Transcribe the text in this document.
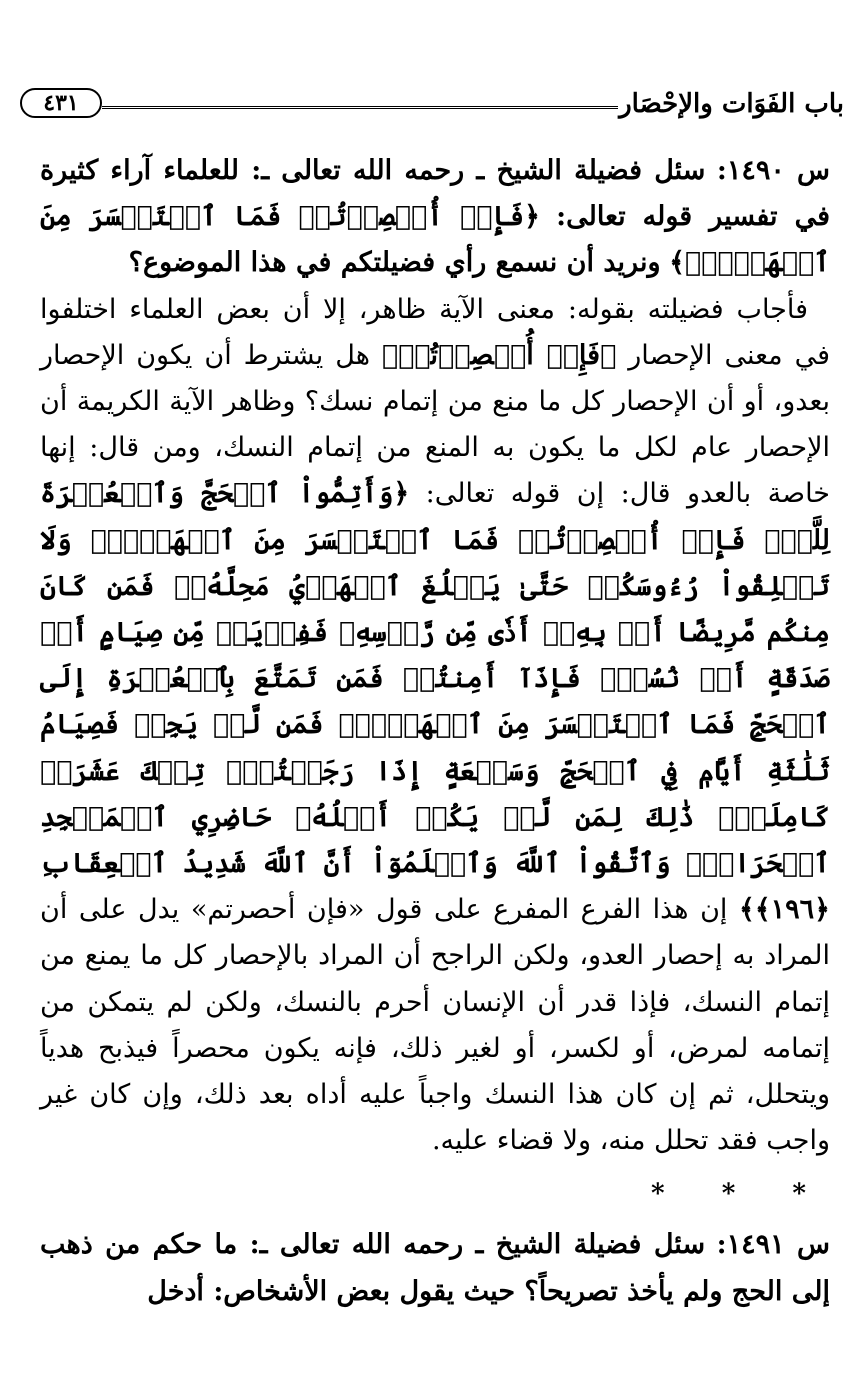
باب الفَوَات والإحْصَار
٤٣١

س ١٤٩٠: سئل فضيلة الشيخ ـ رحمه الله تعالى ـ: للعلماء آراء كثيرة في تفسير قوله تعالى: ﴿فَإِنۡ أُحۡصِرۡتُمۡ فَمَا ٱسۡتَيۡسَرَ مِنَ ٱلۡهَدۡيِۖ﴾ ونريد أن نسمع رأي فضيلتكم في هذا الموضوع؟

فأجاب فضيلته بقوله: معنى الآية ظاهر، إلا أن بعض العلماء اختلفوا في معنى الإحصار ﴿فَإِنۡ أُحۡصِرۡتُمۡ﴾ هل يشترط أن يكون الإحصار بعدو، أو أن الإحصار كل ما منع من إتمام نسك؟ وظاهر الآية الكريمة أن الإحصار عام لكل ما يكون به المنع من إتمام النسك، ومن قال: إنها خاصة بالعدو قال: إن قوله تعالى: ﴿وَأَتِمُّواْ ٱلۡحَجَّ وَٱلۡعُمۡرَةَ لِلَّهِۚ فَإِنۡ أُحۡصِرۡتُمۡ فَمَا ٱسۡتَيۡسَرَ مِنَ ٱلۡهَدۡيِۖ وَلَا تَحۡلِقُواْ رُءُوسَكُمۡ حَتَّىٰ يَبۡلُغَ ٱلۡهَدۡيُ مَحِلَّهُۥۚ فَمَن كَانَ مِنكُم مَّرِيضًا أَوۡ بِهِۦٓ أَذٗى مِّن رَّأۡسِهِۦ فَفِدۡيَةٞ مِّن صِيَامٍ أَوۡ صَدَقَةٍ أَوۡ نُسُكٖۚ فَإِذَآ أَمِنتُمۡ فَمَن تَمَتَّعَ بِٱلۡعُمۡرَةِ إِلَى ٱلۡحَجِّ فَمَا ٱسۡتَيۡسَرَ مِنَ ٱلۡهَدۡيِۚ فَمَن لَّمۡ يَجِدۡ فَصِيَامُ ثَلَٰثَةِ أَيَّامٖ فِي ٱلۡحَجِّ وَسَبۡعَةٍ إِذَا رَجَعۡتُمۡۗ تِلۡكَ عَشَرَةٞ كَامِلَةٞۗ ذَٰلِكَ لِمَن لَّمۡ يَكُنۡ أَهۡلُهُۥ حَاضِرِي ٱلۡمَسۡجِدِ ٱلۡحَرَامِۚ وَٱتَّقُواْ ٱللَّهَ وَٱعۡلَمُوٓاْ أَنَّ ٱللَّهَ شَدِيدُ ٱلۡعِقَابِ ﴿١٩٦﴾﴾ إن هذا الفرع المفرع على قول «فإن أحصرتم» يدل على أن المراد به إحصار العدو، ولكن الراجح أن المراد بالإحصار كل ما يمنع من إتمام النسك، فإذا قدر أن الإنسان أحرم بالنسك، ولكن لم يتمكن من إتمامه لمرض، أو لكسر، أو لغير ذلك، فإنه يكون محصراً فيذبح هدياً ويتحلل، ثم إن كان هذا النسك واجباً عليه أداه بعد ذلك، وإن كان غير واجب فقد تحلل منه، ولا قضاء عليه.

* * *

س ١٤٩١: سئل فضيلة الشيخ ـ رحمه الله تعالى ـ: ما حكم من ذهب إلى الحج ولم يأخذ تصريحاً؟ حيث يقول بعض الأشخاص: أدخل
